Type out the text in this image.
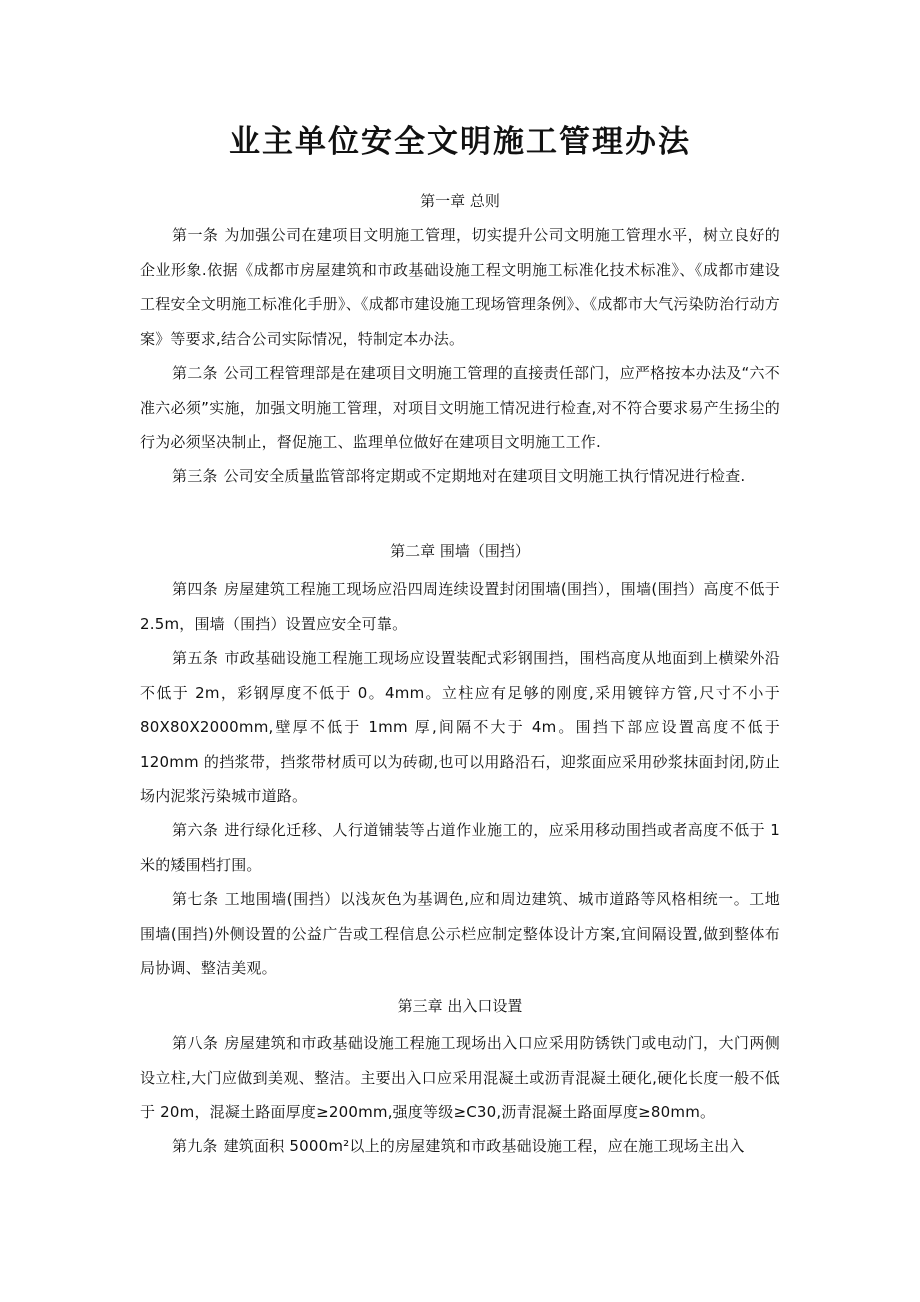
业主单位安全文明施工管理办法
第一章 总则
第一条 为加强公司在建项目文明施工管理，切实提升公司文明施工管理水平，树立良好的企业形象.依据《成都市房屋建筑和市政基础设施工程文明施工标准化技术标准》、《成都市建设工程安全文明施工标准化手册》、《成都市建设施工现场管理条例》、《成都市大气污染防治行动方案》等要求,结合公司实际情况，特制定本办法。
第二条 公司工程管理部是在建项目文明施工管理的直接责任部门，应严格按本办法及“六不准六必须”实施，加强文明施工管理，对项目文明施工情况进行检查,对不符合要求易产生扬尘的行为必须坚决制止，督促施工、监理单位做好在建项目文明施工工作.
第三条 公司安全质量监管部将定期或不定期地对在建项目文明施工执行情况进行检查.
第二章 围墙（围挡）
第四条 房屋建筑工程施工现场应沿四周连续设置封闭围墙(围挡），围墙(围挡）高度不低于 2.5m，围墙（围挡）设置应安全可靠。
第五条 市政基础设施工程施工现场应设置装配式彩钢围挡，围档高度从地面到上横梁外沿不低于 2m，彩钢厚度不低于 0。4mm。立柱应有足够的刚度,采用镀锌方管,尺寸不小于 80X80X2000mm,壁厚不低于 1mm 厚,间隔不大于 4m。围挡下部应设置高度不低于 120mm 的挡浆带，挡浆带材质可以为砖砌,也可以用路沿石，迎浆面应采用砂浆抹面封闭,防止场内泥浆污染城市道路。
第六条 进行绿化迁移、人行道铺装等占道作业施工的，应采用移动围挡或者高度不低于 1 米的矮围档打围。
第七条 工地围墙(围挡）以浅灰色为基调色,应和周边建筑、城市道路等风格相统一。工地围墙(围挡)外侧设置的公益广告或工程信息公示栏应制定整体设计方案,宜间隔设置,做到整体布局协调、整洁美观。
第三章 出入口设置
第八条 房屋建筑和市政基础设施工程施工现场出入口应采用防锈铁门或电动门，大门两侧设立柱,大门应做到美观、整洁。主要出入口应采用混凝土或沥青混凝土硬化,硬化长度一般不低于 20m，混凝土路面厚度≥200mm,强度等级≥C30,沥青混凝土路面厚度≥80mm。
第九条 建筑面积 5000m²以上的房屋建筑和市政基础设施工程，应在施工现场主出入
